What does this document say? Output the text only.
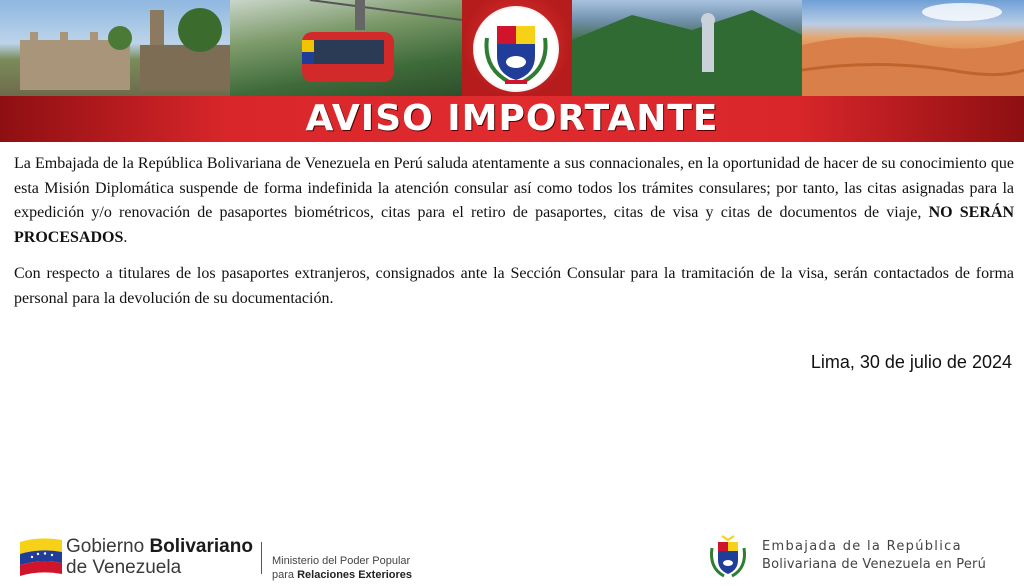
AVISO IMPORTANTE

La Embajada de la República Bolivariana de Venezuela en Perú saluda atentamente a sus connacionales, en la oportunidad de hacer de su conocimiento que esta Misión Diplomática suspende de forma indefinida la atención consular así como todos los trámites consulares; por tanto, las citas asignadas para la expedición y/o renovación de pasaportes biométricos, citas para el retiro de pasaportes, citas de visa y citas de documentos de viaje, NO SERÁN PROCESADOS.

Con respecto a titulares de los pasaportes extranjeros, consignados ante la Sección Consular para la tramitación de la visa, serán contactados de forma personal para la devolución de su documentación.

Lima, 30 de julio de 2024
Gobierno Bolivariano
de Venezuela	Ministerio del Poder Popular
para Relaciones Exteriores
Embajada de la República
Bolivariana de Venezuela en Perú
